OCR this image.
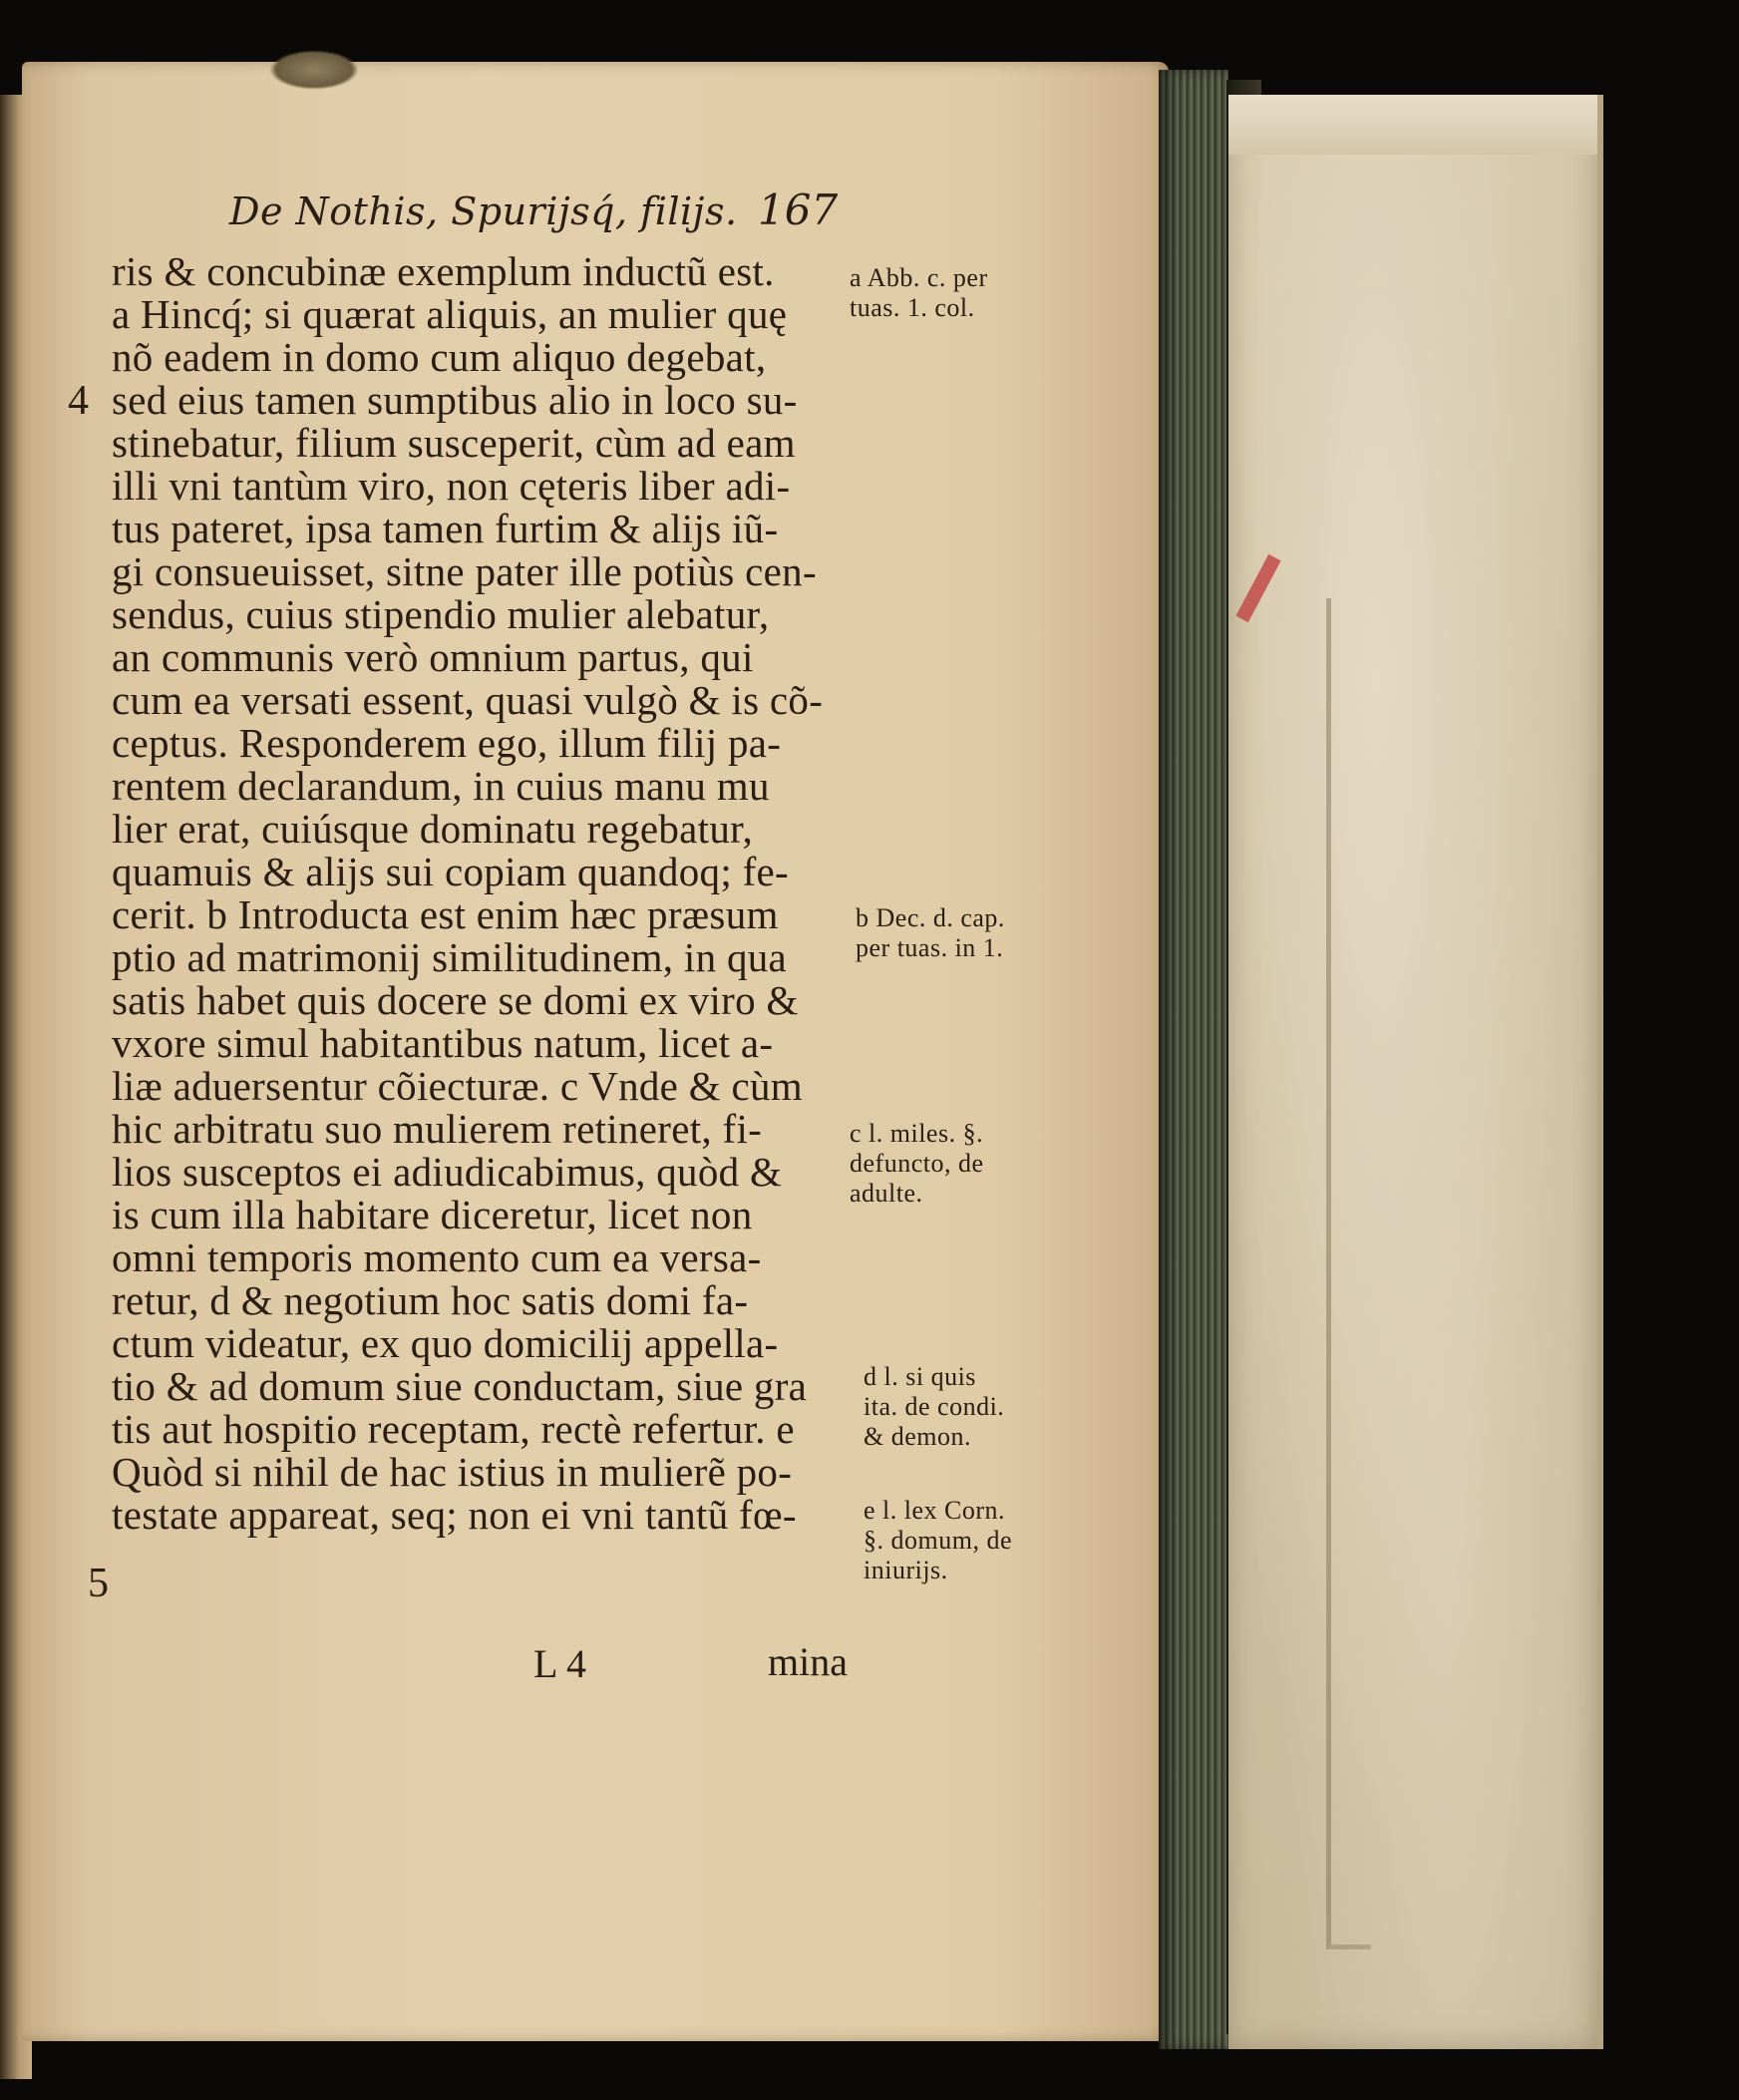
De Nothis, Spurijsq́, filijs. 167
ris & concubinæ exemplum inductũ est.
a Hincq́; si quærat aliquis, an mulier quę
nõ eadem in domo cum aliquo degebat,
sed eius tamen sumptibus alio in loco su-
stinebatur, filium susceperit, cùm ad eam
illi vni tantùm viro, non cęteris liber adi-
tus pateret, ipsa tamen furtim & alijs iũ-
gi consueuisset, sitne pater ille potiùs cen-
sendus, cuius stipendio mulier alebatur,
an communis verò omnium partus, qui
cum ea versati essent, quasi vulgò & is cõ-
ceptus. Responderem ego, illum filij pa-
rentem declarandum, in cuius manu mu
lier erat, cuiúsque dominatu regebatur,
quamuis & alijs sui copiam quandoq; fe-
cerit. b Introducta est enim hæc præsum
ptio ad matrimonij similitudinem, in qua
satis habet quis docere se domi ex viro &
vxore simul habitantibus natum, licet a-
liæ aduersentur cõiecturæ. c Vnde & cùm
hic arbitratu suo mulierem retineret, fi-
lios susceptos ei adiudicabimus, quòd &
is cum illa habitare diceretur, licet non
omni temporis momento cum ea versa-
retur, d & negotium hoc satis domi fa-
ctum videatur, ex quo domicilij appella-
tio & ad domum siue conductam, siue gra
tis aut hospitio receptam, rectè refertur. e
Quòd si nihil de hac istius in mulierẽ po-
testate appareat, seq; non ei vni tantũ fœ-
4
5
L 4	mina
a Abb. c. per
tuas. 1. col.
b Dec. d. cap.
per tuas. in 1.
c l. miles. §.
defuncto, de
adulte.
d l. si quis
ita. de condi.
& demon.
e l. lex Corn.
§. domum, de
iniurijs.
